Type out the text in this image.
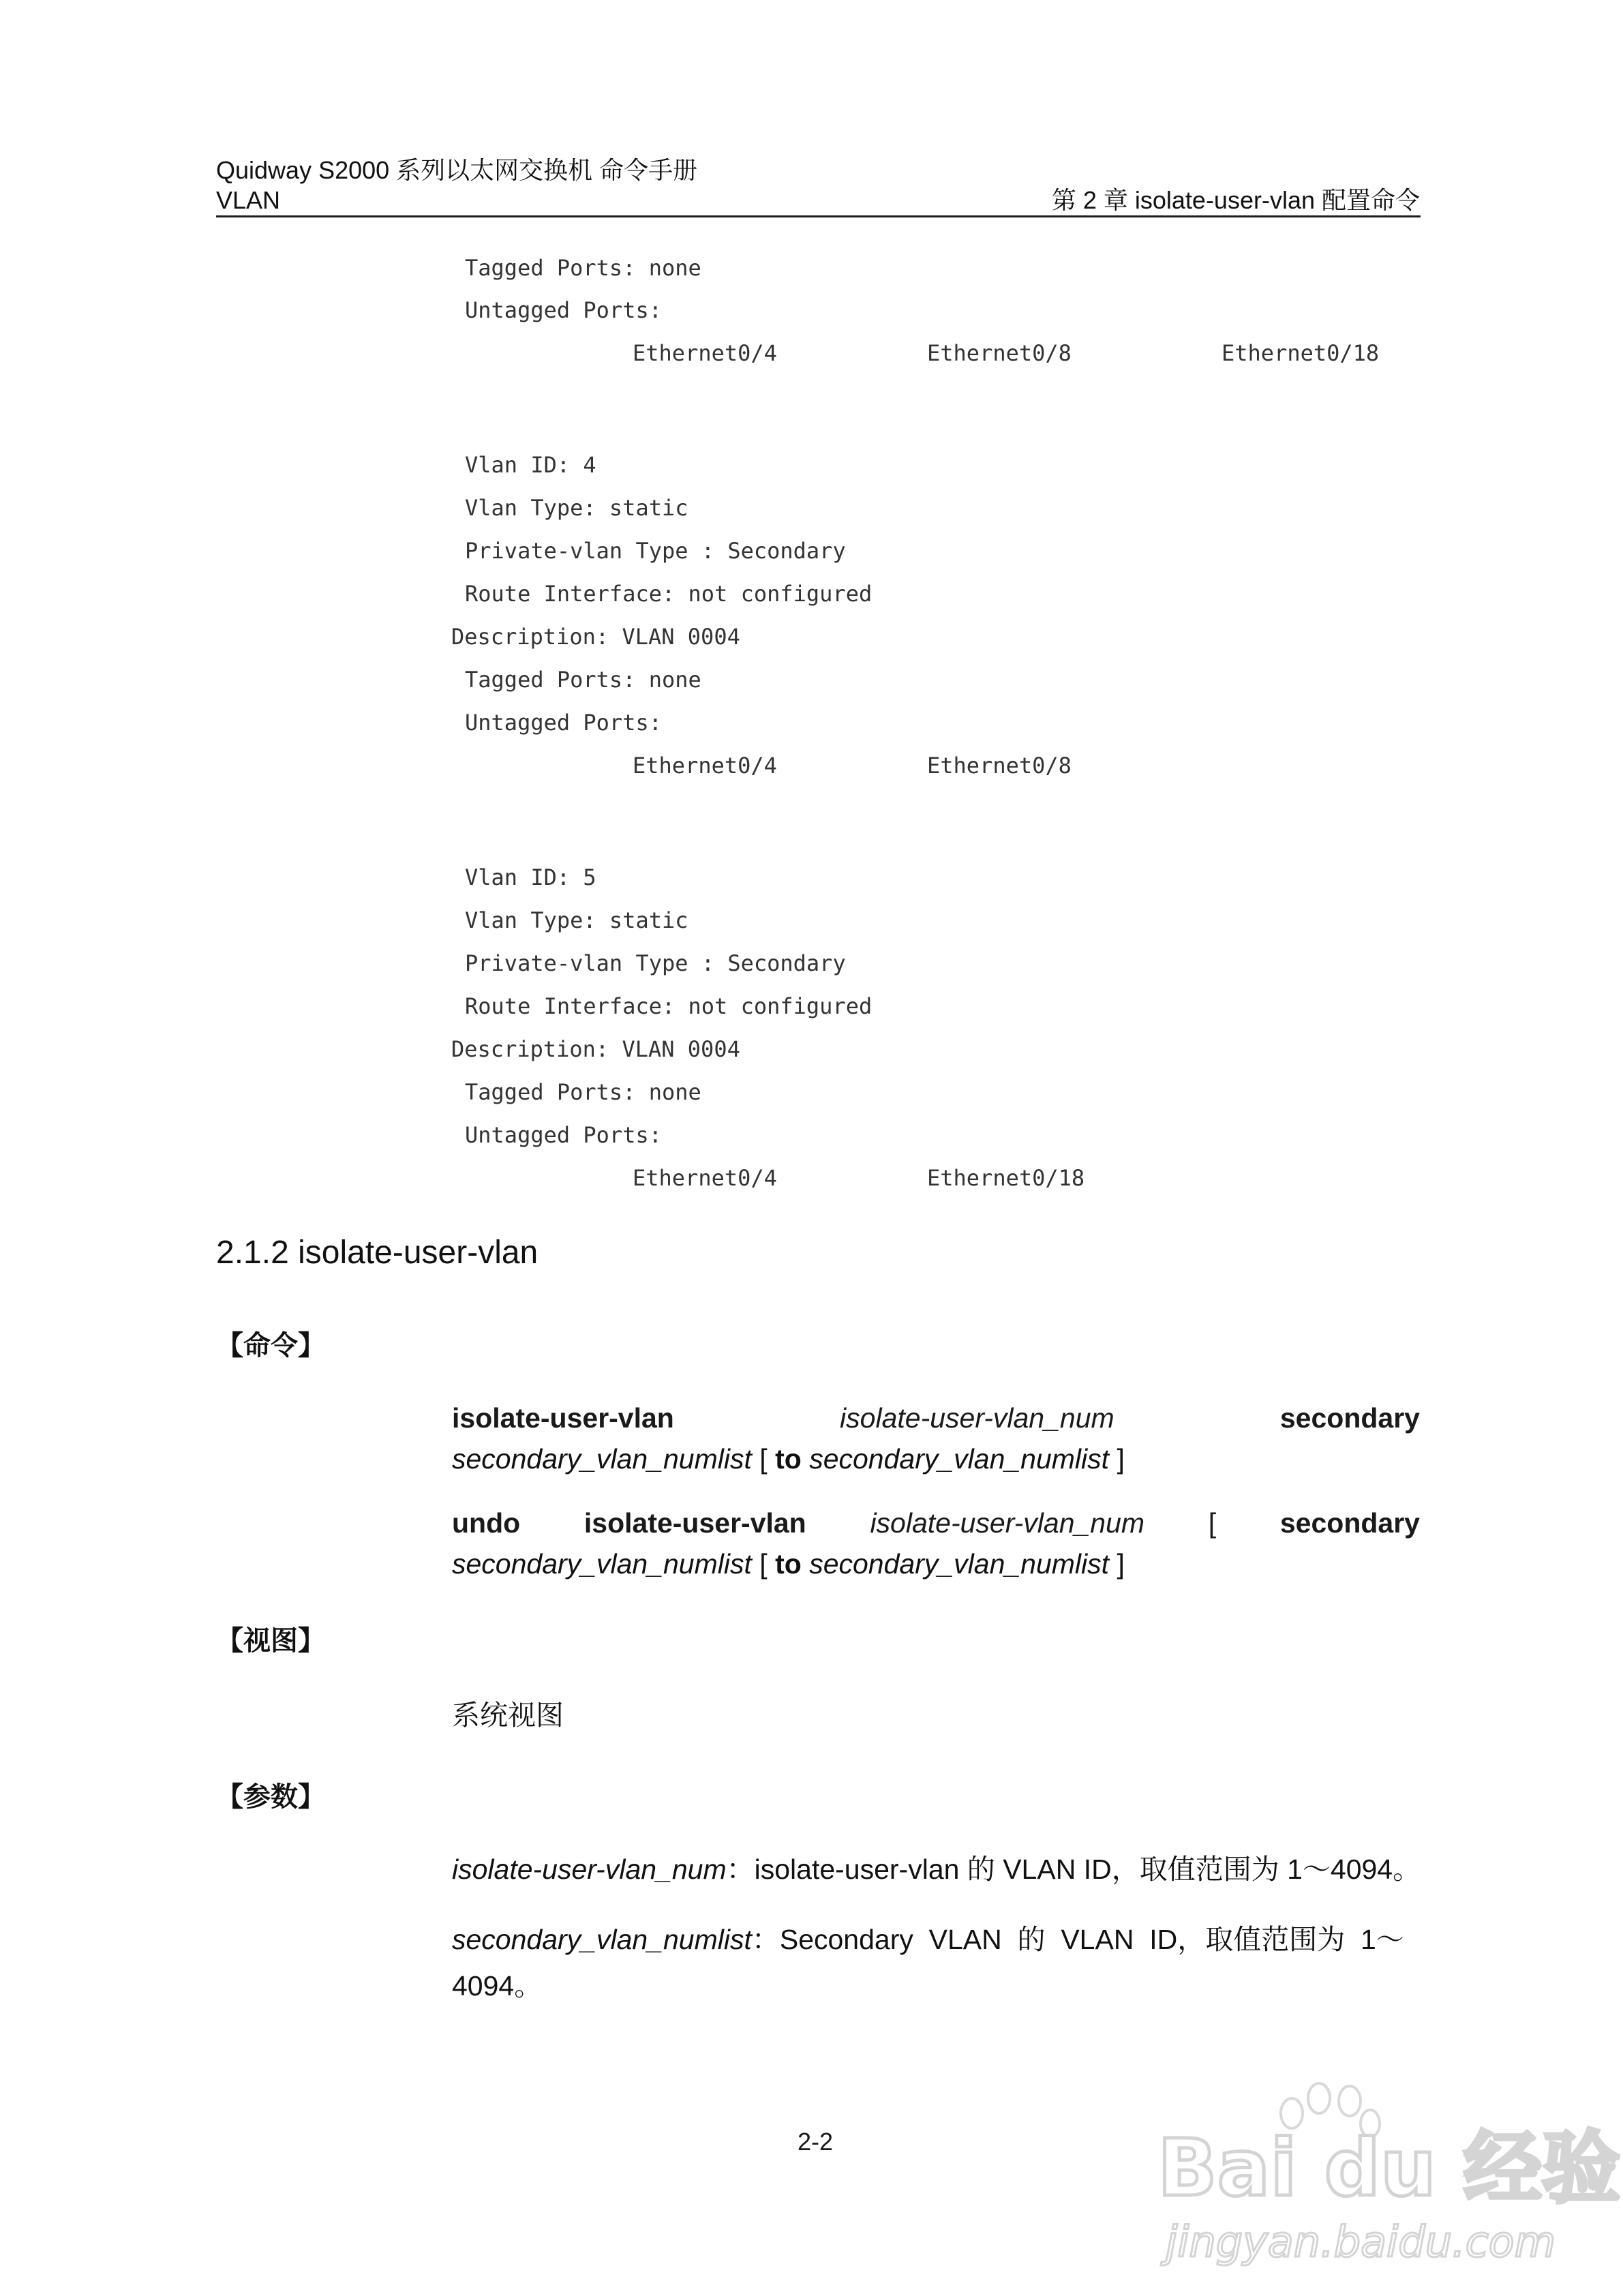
Quidway S2000 系列以太网交换机 命令手册
VLAN	第 2 章 isolate-user-vlan 配置命令
Tagged Ports: none
Untagged Ports:
Ethernet0/4	Ethernet0/8	Ethernet0/18
Vlan ID: 4
Vlan Type: static
Private-vlan Type : Secondary
Route Interface: not configured
Description: VLAN 0004
Tagged Ports: none
Untagged Ports:
Ethernet0/4	Ethernet0/8
Vlan ID: 5
Vlan Type: static
Private-vlan Type : Secondary
Route Interface: not configured
Description: VLAN 0004
Tagged Ports: none
Untagged Ports:
Ethernet0/4	Ethernet0/18
2.1.2 isolate-user-vlan
【命令】
isolate-user-vlan	isolate-user-vlan_num	secondary
secondary_vlan_numlist [ to secondary_vlan_numlist ]
undo isolate-user-vlan isolate-user-vlan_num [ secondary
secondary_vlan_numlist [ to secondary_vlan_numlist ]
【视图】
系统视图
【参数】
isolate-user-vlan_num：isolate-user-vlan 的 VLAN ID，取值范围为 1～4094。
secondary_vlan_numlist：Secondary  VLAN  的  VLAN  ID，取值范围为  1～
4094。
2-2	Bai du 经验
jingyan.baidu.com
